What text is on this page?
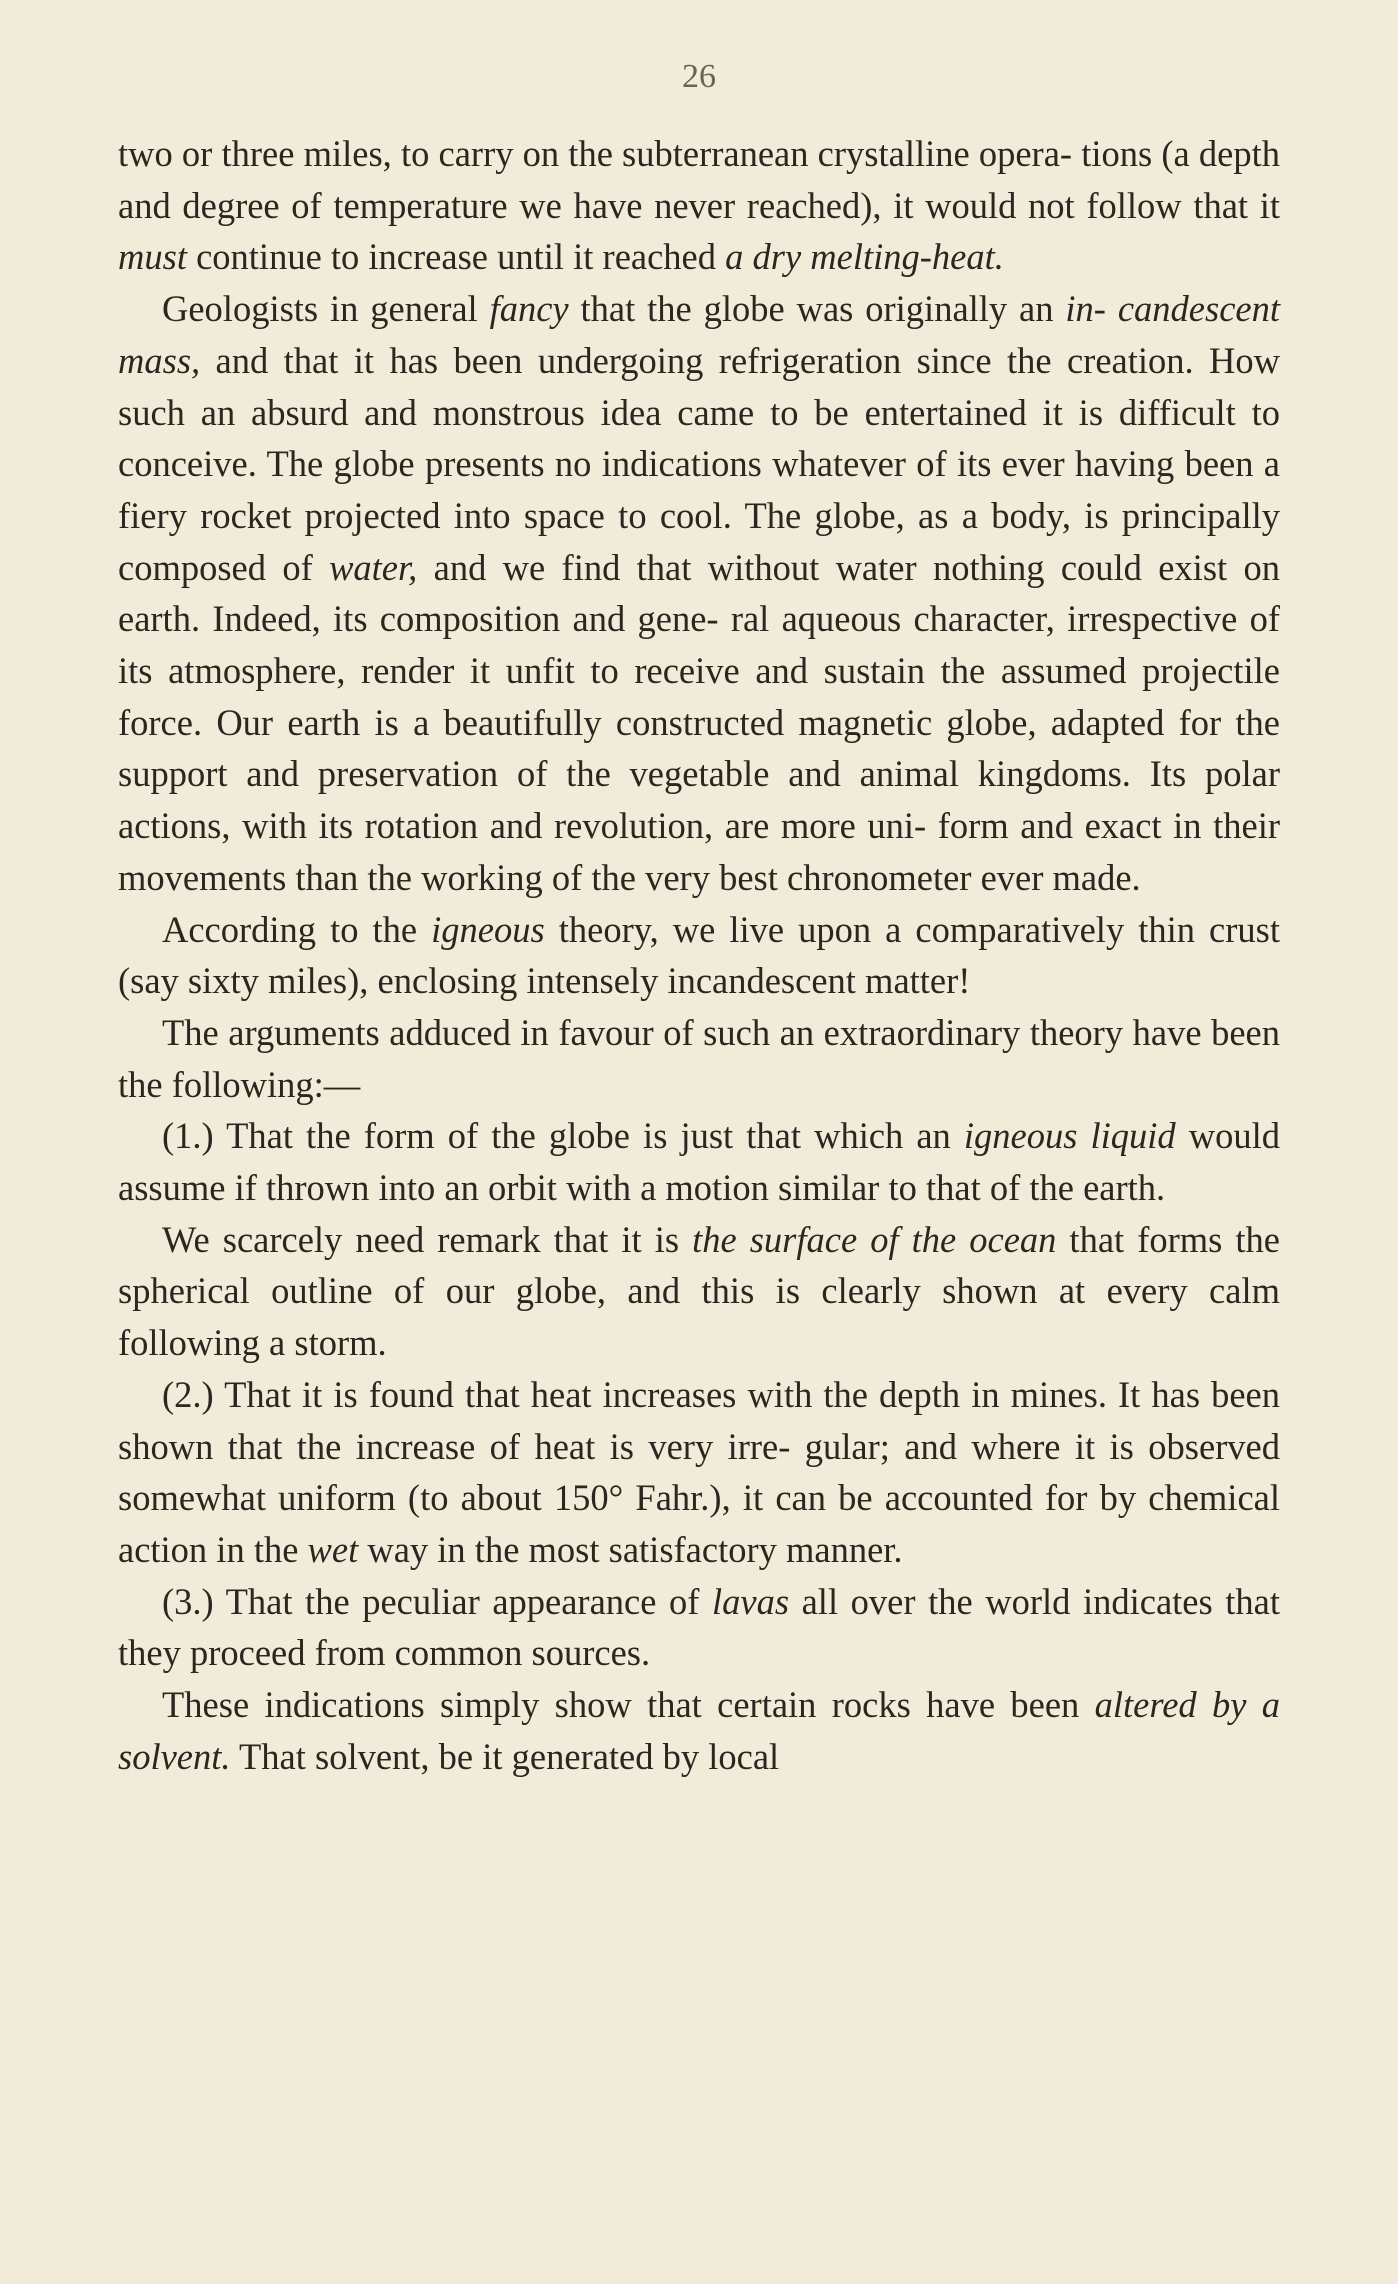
26

two or three miles, to carry on the subterranean crystalline opera- tions (a depth and degree of temperature we have never reached), it would not follow that it must continue to increase until it reached a dry melting-heat.

Geologists in general fancy that the globe was originally an in- candescent mass, and that it has been undergoing refrigeration since the creation. How such an absurd and monstrous idea came to be entertained it is difficult to conceive. The globe presents no indications whatever of its ever having been a fiery rocket projected into space to cool. The globe, as a body, is principally composed of water, and we find that without water nothing could exist on earth. Indeed, its composition and gene- ral aqueous character, irrespective of its atmosphere, render it unfit to receive and sustain the assumed projectile force. Our earth is a beautifully constructed magnetic globe, adapted for the support and preservation of the vegetable and animal kingdoms. Its polar actions, with its rotation and revolution, are more uni- form and exact in their movements than the working of the very best chronometer ever made.

According to the igneous theory, we live upon a comparatively thin crust (say sixty miles), enclosing intensely incandescent matter!

The arguments adduced in favour of such an extraordinary theory have been the following:—

(1.) That the form of the globe is just that which an igneous liquid would assume if thrown into an orbit with a motion similar to that of the earth.

We scarcely need remark that it is the surface of the ocean that forms the spherical outline of our globe, and this is clearly shown at every calm following a storm.

(2.) That it is found that heat increases with the depth in mines. It has been shown that the increase of heat is very irre- gular; and where it is observed somewhat uniform (to about 150° Fahr.), it can be accounted for by chemical action in the wet way in the most satisfactory manner.

(3.) That the peculiar appearance of lavas all over the world indicates that they proceed from common sources.

These indications simply show that certain rocks have been altered by a solvent. That solvent, be it generated by local
